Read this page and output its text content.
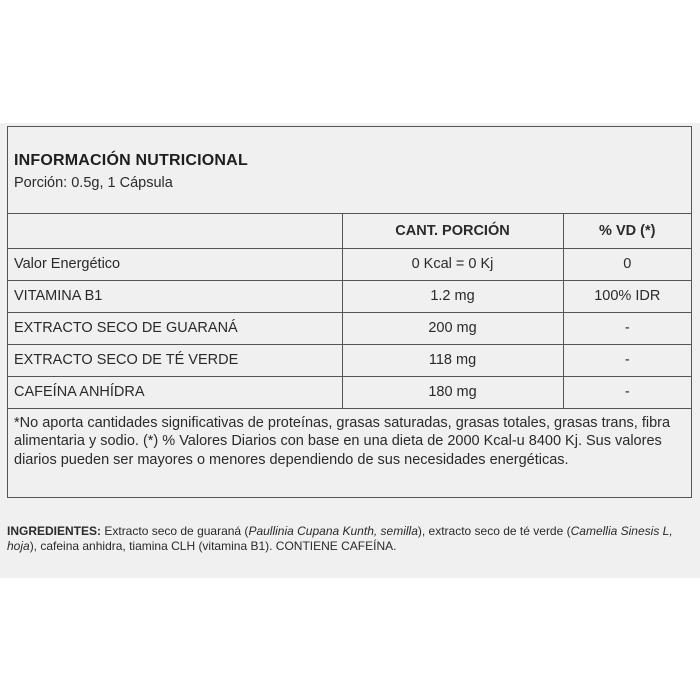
INFORMACIÓN NUTRICIONAL
Porción: 0.5g, 1 Cápsula
	CANT. PORCIÓN	% VD (*)
Valor Energético	0 Kcal = 0 Kj	0
VITAMINA B1	1.2 mg	100% IDR
EXTRACTO SECO DE GUARANÁ	200 mg	-
EXTRACTO SECO DE TÉ VERDE	118 mg	-
CAFEÍNA ANHÍDRA	180 mg	-
*No aporta cantidades significativas de proteínas, grasas saturadas, grasas totales, grasas trans, fibra alimentaria y sodio. (*) % Valores Diarios con base en una dieta de 2000 Kcal-u 8400 Kj. Sus valores diarios pueden ser mayores o menores dependiendo de sus necesidades energéticas.
INGREDIENTES: Extracto seco de guaraná (Paullinia Cupana Kunth, semilla), extracto seco de té verde (Camellia Sinesis L, hoja), cafeina anhidra, tiamina CLH (vitamina B1). CONTIENE CAFEÍNA.
